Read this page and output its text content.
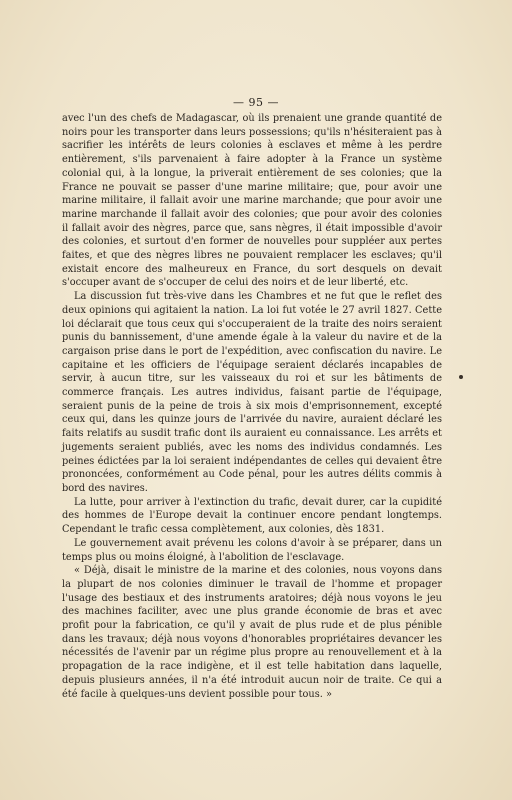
— 95 —

avec l'un des chefs de Madagascar, où ils prenaient une grande quantité de noirs pour les transporter dans leurs possessions; qu'ils n'hésiteraient pas à sacrifier les intérêts de leurs colonies à esclaves et même à les perdre entièrement, s'ils parvenaient à faire adopter à la France un système colonial qui, à la longue, la priverait entièrement de ses colonies; que la France ne pouvait se passer d'une marine militaire; que, pour avoir une marine militaire, il fallait avoir une marine marchande; que pour avoir une marine marchande il fallait avoir des colonies; que pour avoir des colonies il fallait avoir des nègres, parce que, sans nègres, il était impossible d'avoir des colonies, et surtout d'en former de nouvelles pour suppléer aux pertes faites, et que des nègres libres ne pouvaient remplacer les esclaves; qu'il existait encore des malheureux en France, du sort desquels on devait s'occuper avant de s'occuper de celui des noirs et de leur liberté, etc.

La discussion fut très-vive dans les Chambres et ne fut que le reflet des deux opinions qui agitaient la nation. La loi fut votée le 27 avril 1827. Cette loi déclarait que tous ceux qui s'occuperaient de la traite des noirs seraient punis du bannissement, d'une amende égale à la valeur du navire et de la cargaison prise dans le port de l'expédition, avec confiscation du navire. Le capitaine et les officiers de l'équipage seraient déclarés incapables de servir, à aucun titre, sur les vaisseaux du roi et sur les bâtiments de commerce français. Les autres individus, faisant partie de l'équipage, seraient punis de la peine de trois à six mois d'emprisonnement, excepté ceux qui, dans les quinze jours de l'arrivée du navire, auraient déclaré les faits relatifs au susdit trafic dont ils auraient eu connaissance. Les arrêts et jugements seraient publiés, avec les noms des individus condamnés. Les peines édictées par la loi seraient indépendantes de celles qui devaient être prononcées, conformément au Code pénal, pour les autres délits commis à bord des navires.

La lutte, pour arriver à l'extinction du trafic, devait durer, car la cupidité des hommes de l'Europe devait la continuer encore pendant longtemps. Cependant le trafic cessa complètement, aux colonies, dès 1831.

Le gouvernement avait prévenu les colons d'avoir à se préparer, dans un temps plus ou moins éloigné, à l'abolition de l'esclavage.

« Déjà, disait le ministre de la marine et des colonies, nous voyons dans la plupart de nos colonies diminuer le travail de l'homme et propager l'usage des bestiaux et des instruments aratoires; déjà nous voyons le jeu des machines faciliter, avec une plus grande économie de bras et avec profit pour la fabrication, ce qu'il y avait de plus rude et de plus pénible dans les travaux; déjà nous voyons d'honorables propriétaires devancer les nécessités de l'avenir par un régime plus propre au renouvellement et à la propagation de la race indigène, et il est telle habitation dans laquelle, depuis plusieurs années, il n'a été introduit aucun noir de traite. Ce qui a été facile à quelques-uns devient possible pour tous. »
